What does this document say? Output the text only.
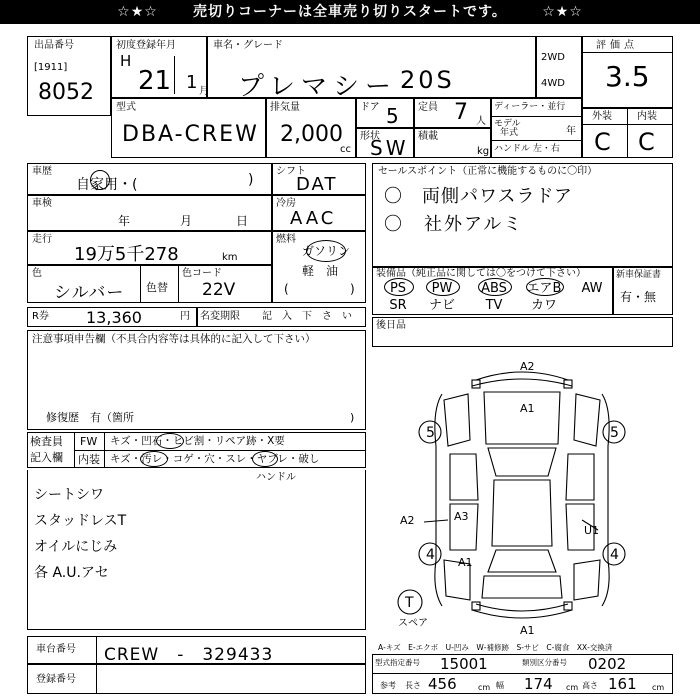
☆★☆	売切りコーナーは全車売り切りスタートです。	☆★☆
出品番号
[1911]
8052
初度登録年月
H
21 1 月
車名・グレード
プレマシー 20S
2WD
4WD
評価点
3.5
型式
DBA-CREW
排気量
2,000
cc
ドア 5 定員 7 人
形状
SW 積載
kg
ディーラー・並行
モデル
年式	年
ハンドル 左・右
外装	内装
C C
車歴
自家用・(	)
シフト
DAT
車検
年	月	日
冷房
AAC
走行
19万5千278	km
燃料
ガソリン
軽　油
(	)
色
シルバー 色替
色コード
22V
R券 13,360	円 名変期限 記　入　下　さ　い
注意事項申告欄（不具合内容等は具体的に記入して下さい）
修復歴　有（箇所	)
検査員
記入欄
FW キズ・凹石・ヒビ割・リペア跡・X要
内装 キズ・汚レ・コゲ・穴・スレ・ヤブレ・破し
ハンドル
シートシワ
スタッドレスT
オイルにじみ
各 A.U.アセ
セールスポイント（正常に機能するものに〇印）
〇　両側パワスラドア
〇　社外アルミ
装備品（純正品に関しては〇をつけて下さい）
PS	PW	ABS	エアB	AW
SR	ナビ	TV	カワ
新車保証書
有・無
後日品
A2
A1
5	5
A2	A3
U1
4 A1	4
A1
T
スペア
A‐キズ　E‐エクボ　U‐凹み　W‐補修跡　S‐サビ　C‐腐食　XX‐交換済
車台番号 CREW　-　329433
登録番号
型式指定番号 15001	類別区分番号 0202
参考 長さ 456	cm 幅 174 cm 高さ 161 cm
